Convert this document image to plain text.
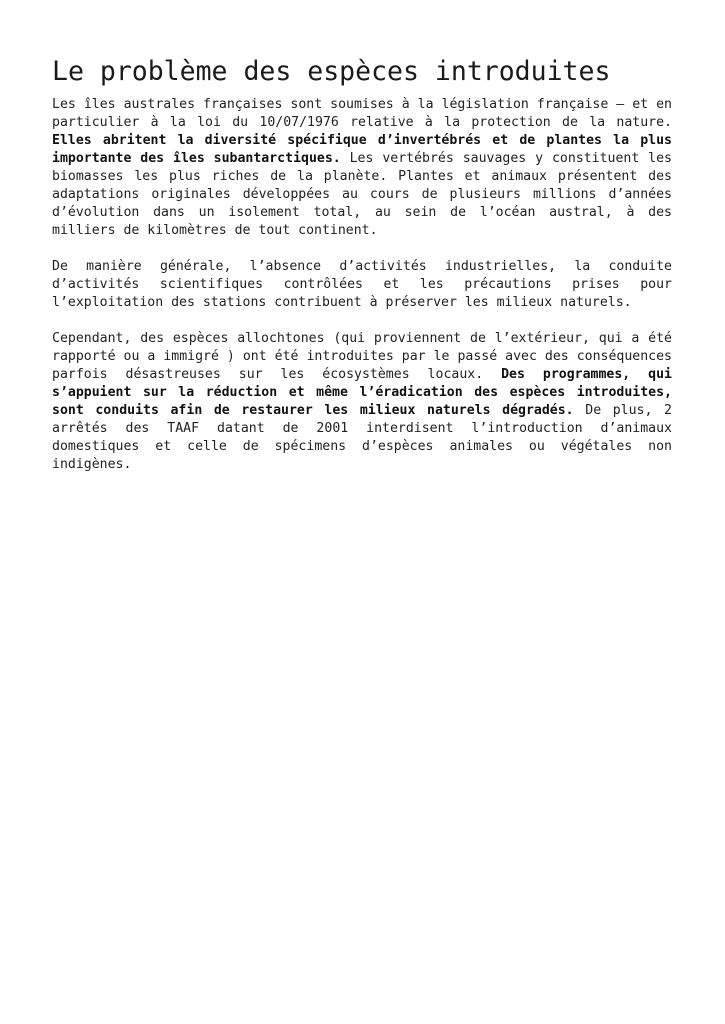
Le problème des espèces introduites

Les îles australes françaises sont soumises à la législation française – et en particulier à la loi du 10/07/1976 relative à la protection de la nature. Elles abritent la diversité spécifique d’invertébrés et de plantes la plus importante des îles subantarctiques. Les vertébrés sauvages y constituent les biomasses les plus riches de la planète. Plantes et animaux présentent des adaptations originales développées au cours de plusieurs millions d’années d’évolution dans un isolement total, au sein de l’océan austral, à des milliers de kilomètres de tout continent.

De manière générale, l’absence d’activités industrielles, la conduite d’activités scientifiques contrôlées et les précautions prises pour l’exploitation des stations contribuent à préserver les milieux naturels.

Cependant, des espèces allochtones (qui proviennent de l’extérieur, qui a été rapporté ou a immigré ) ont été introduites par le passé avec des conséquences parfois désastreuses sur les écosystèmes locaux. Des programmes, qui s’appuient sur la réduction et même l’éradication des espèces introduites, sont conduits afin de restaurer les milieux naturels dégradés. De plus, 2 arrêtés des TAAF datant de 2001 interdisent l’introduction d’animaux domestiques et celle de spécimens d’espèces animales ou végétales non indigènes.
